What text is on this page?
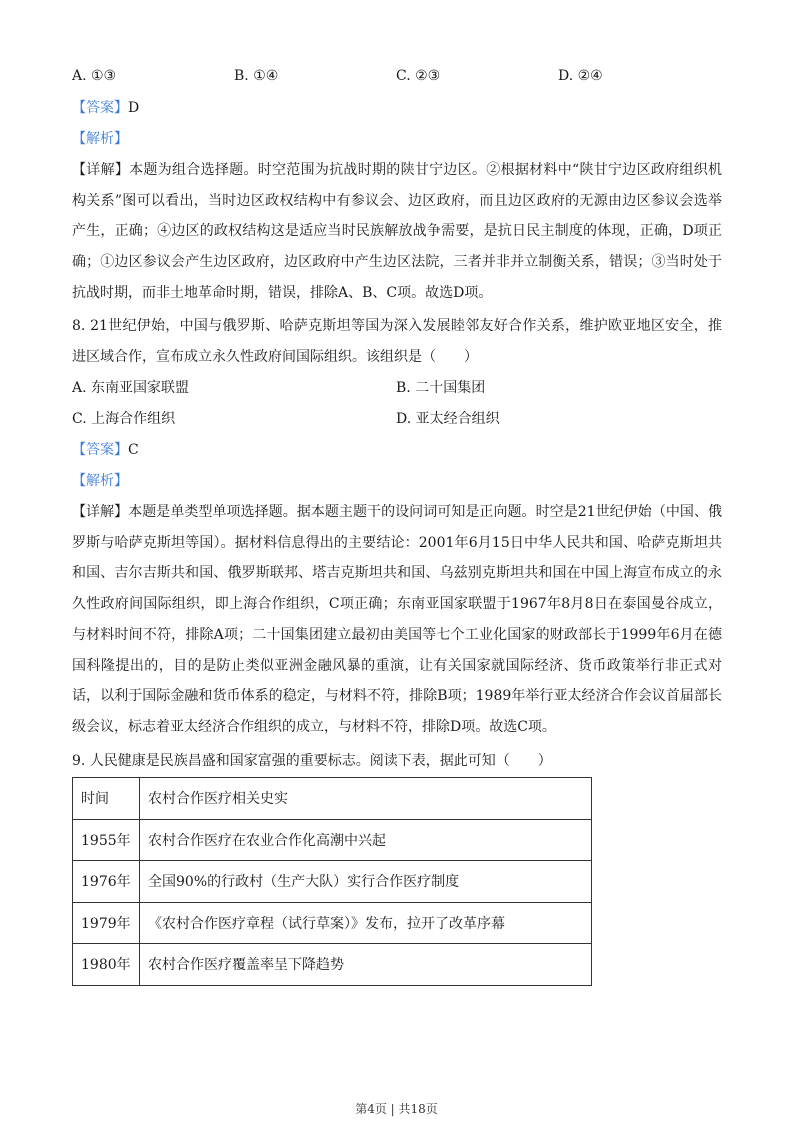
A. ①③	B. ①④	C. ②③	D. ②④
【答案】D
【解析】
【详解】本题为组合选择题。时空范围为抗战时期的陕甘宁边区。②根据材料中“陕甘宁边区政府组织机构关系”图可以看出，当时边区政权结构中有参议会、边区政府，而且边区政府的无源由边区参议会选举产生，正确；④边区的政权结构这是适应当时民族解放战争需要，是抗日民主制度的体现，正确，D项正确；①边区参议会产生边区政府，边区政府中产生边区法院，三者并非并立制衡关系，错误；③当时处于抗战时期，而非土地革命时期，错误，排除A、B、C项。故选D项。
8. 21世纪伊始，中国与俄罗斯、哈萨克斯坦等国为深入发展睦邻友好合作关系，维护欧亚地区安全，推进区域合作，宣布成立永久性政府间国际组织。该组织是（　　）
A. 东南亚国家联盟	B. 二十国集团
C. 上海合作组织	D. 亚太经合组织
【答案】C
【解析】
【详解】本题是单类型单项选择题。据本题主题干的设问词可知是正向题。时空是21世纪伊始（中国、俄罗斯与哈萨克斯坦等国）。据材料信息得出的主要结论：2001年6月15日中华人民共和国、哈萨克斯坦共和国、吉尔吉斯共和国、俄罗斯联邦、塔吉克斯坦共和国、乌兹别克斯坦共和国在中国上海宣布成立的永久性政府间国际组织，即上海合作组织，C项正确；东南亚国家联盟于1967年8月8日在泰国曼谷成立，与材料时间不符，排除A项；二十国集团建立最初由美国等七个工业化国家的财政部长于1999年6月在德国科隆提出的，目的是防止类似亚洲金融风暴的重演，让有关国家就国际经济、货币政策举行非正式对话，以利于国际金融和货币体系的稳定，与材料不符，排除B项；1989年举行亚太经济合作会议首届部长级会议，标志着亚太经济合作组织的成立，与材料不符，排除D项。故选C项。
9. 人民健康是民族昌盛和国家富强的重要标志。阅读下表，据此可知（　　）
时间	农村合作医疗相关史实
1955年	农村合作医疗在农业合作化高潮中兴起
1976年	全国90%的行政村（生产大队）实行合作医疗制度
1979年	《农村合作医疗章程（试行草案）》发布，拉开了改革序幕
1980年	农村合作医疗覆盖率呈下降趋势
第4页 | 共18页
